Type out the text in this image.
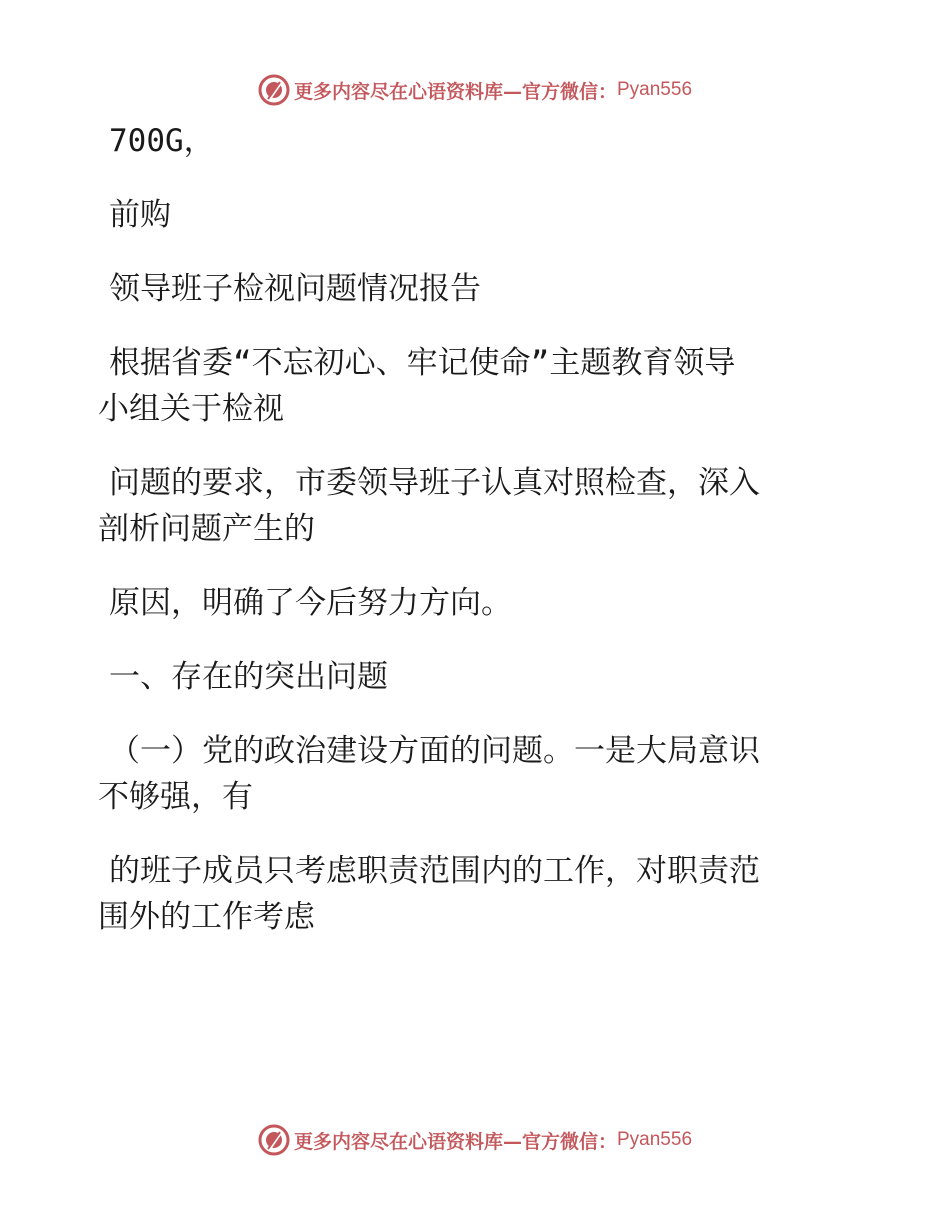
更多内容尽在心语资料库—官方微信： Pyan556
700G，
前购
领导班子检视问题情况报告
根据省委“不忘初心、牢记使命”主题教育领导
小组关于检视
问题的要求，市委领导班子认真对照检查，深入
剖析问题产生的
原因，明确了今后努力方向。
一、存在的突出问题
（一）党的政治建设方面的问题。一是大局意识
不够强，有
的班子成员只考虑职责范围内的工作，对职责范
围外的工作考虑
更多内容尽在心语资料库—官方微信： Pyan556
